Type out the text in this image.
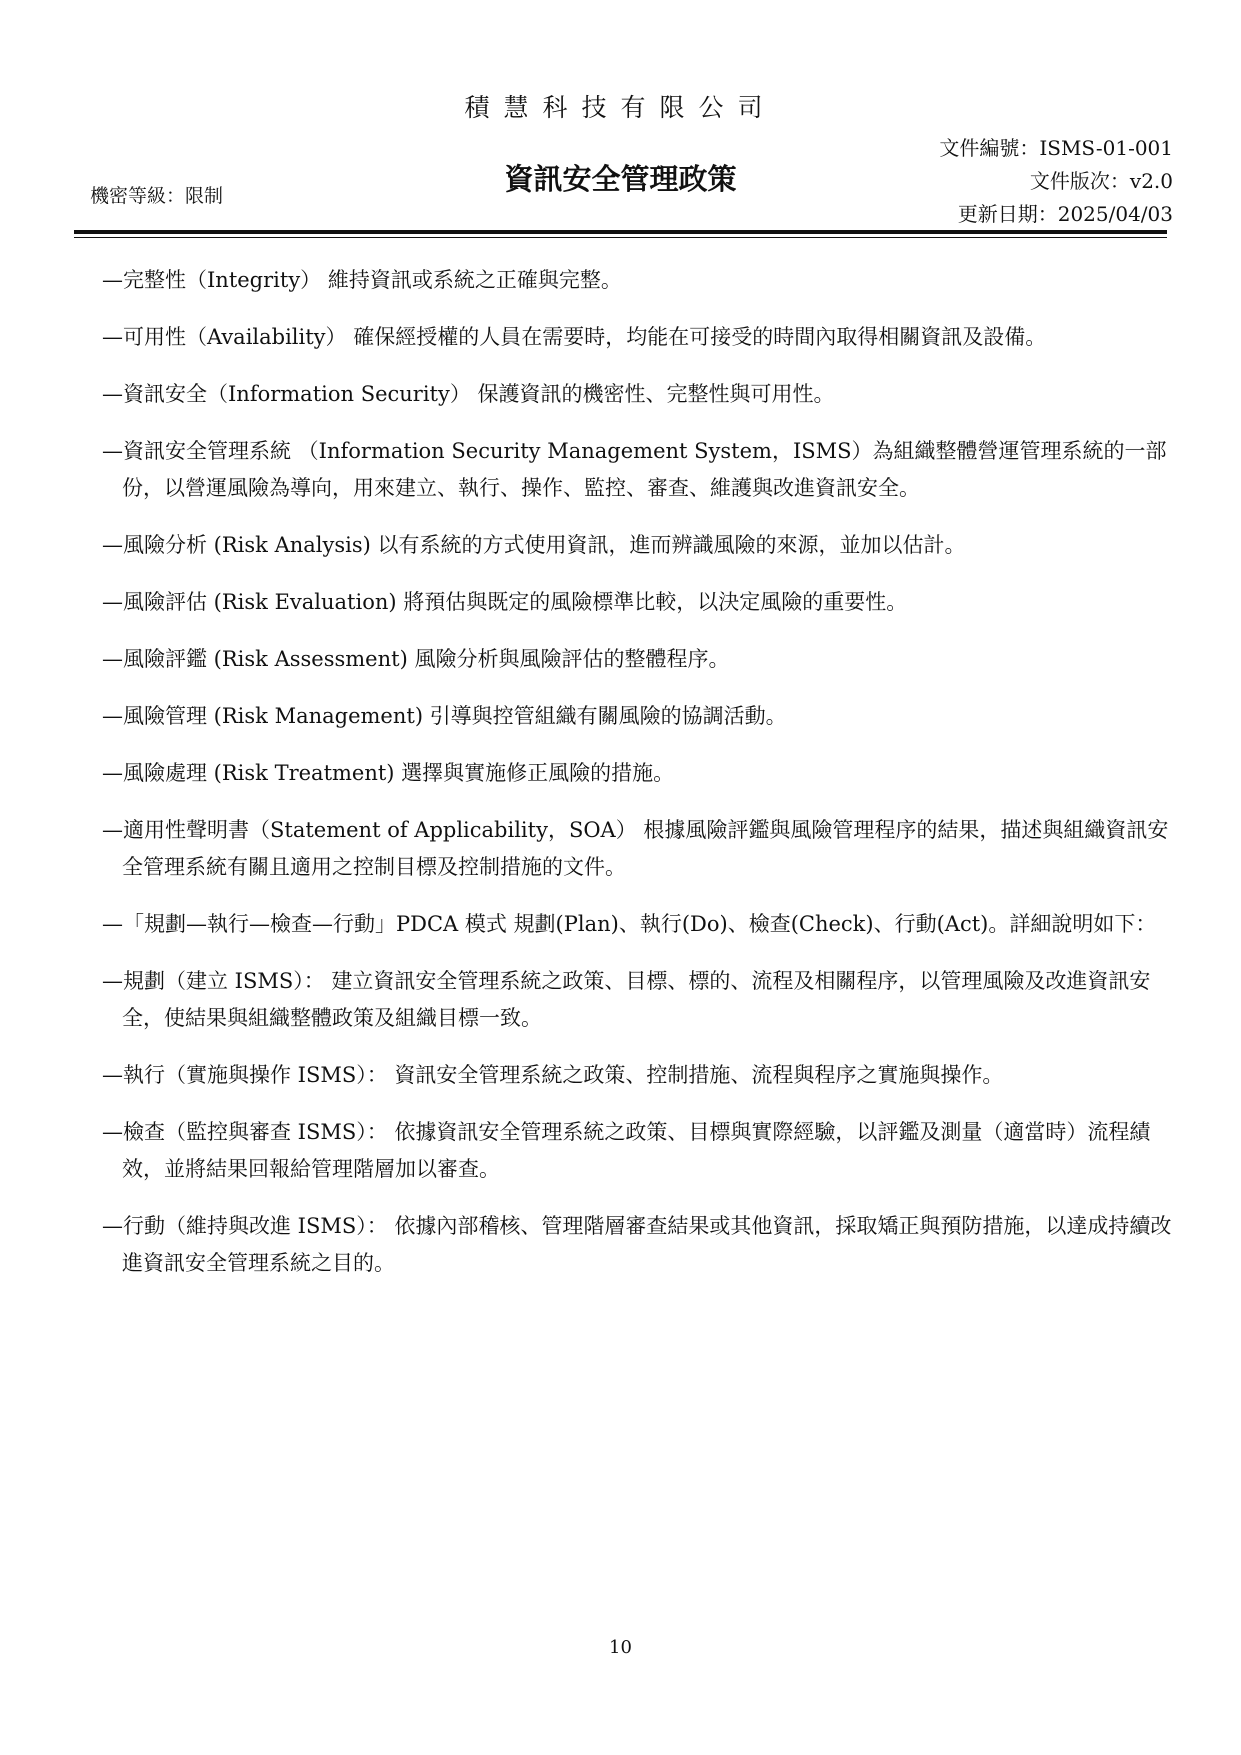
積慧科技有限公司
資訊安全管理政策
機密等級：限制
文件編號：ISMS-01-001
文件版次：v2.0
更新日期：2025/04/03
—完整性（Integrity） 維持資訊或系統之正確與完整。
—可用性（Availability） 確保經授權的人員在需要時，均能在可接受的時間內取得相關資訊及設備。
—資訊安全（Information Security） 保護資訊的機密性、完整性與可用性。
—資訊安全管理系統 （Information Security Management System，ISMS）為組織整體營運管理系統的一部份，以營運風險為導向，用來建立、執行、操作、監控、審查、維護與改進資訊安全。
—風險分析 (Risk Analysis) 以有系統的方式使用資訊，進而辨識風險的來源，並加以估計。
—風險評估 (Risk Evaluation) 將預估與既定的風險標準比較，以決定風險的重要性。
—風險評鑑 (Risk Assessment) 風險分析與風險評估的整體程序。
—風險管理 (Risk Management) 引導與控管組織有關風險的協調活動。
—風險處理 (Risk Treatment) 選擇與實施修正風險的措施。
—適用性聲明書（Statement of Applicability，SOA） 根據風險評鑑與風險管理程序的結果，描述與組織資訊安全管理系統有關且適用之控制目標及控制措施的文件。
—「規劃—執行—檢查—行動」PDCA 模式 規劃(Plan)、執行(Do)、檢查(Check)、行動(Act)。詳細說明如下：
—規劃（建立 ISMS）： 建立資訊安全管理系統之政策、目標、標的、流程及相關程序，以管理風險及改進資訊安全，使結果與組織整體政策及組織目標一致。
—執行（實施與操作 ISMS）： 資訊安全管理系統之政策、控制措施、流程與程序之實施與操作。
—檢查（監控與審查 ISMS）： 依據資訊安全管理系統之政策、目標與實際經驗，以評鑑及測量（適當時）流程績效，並將結果回報給管理階層加以審查。
—行動（維持與改進 ISMS）： 依據內部稽核、管理階層審查結果或其他資訊，採取矯正與預防措施，以達成持續改進資訊安全管理系統之目的。
10
